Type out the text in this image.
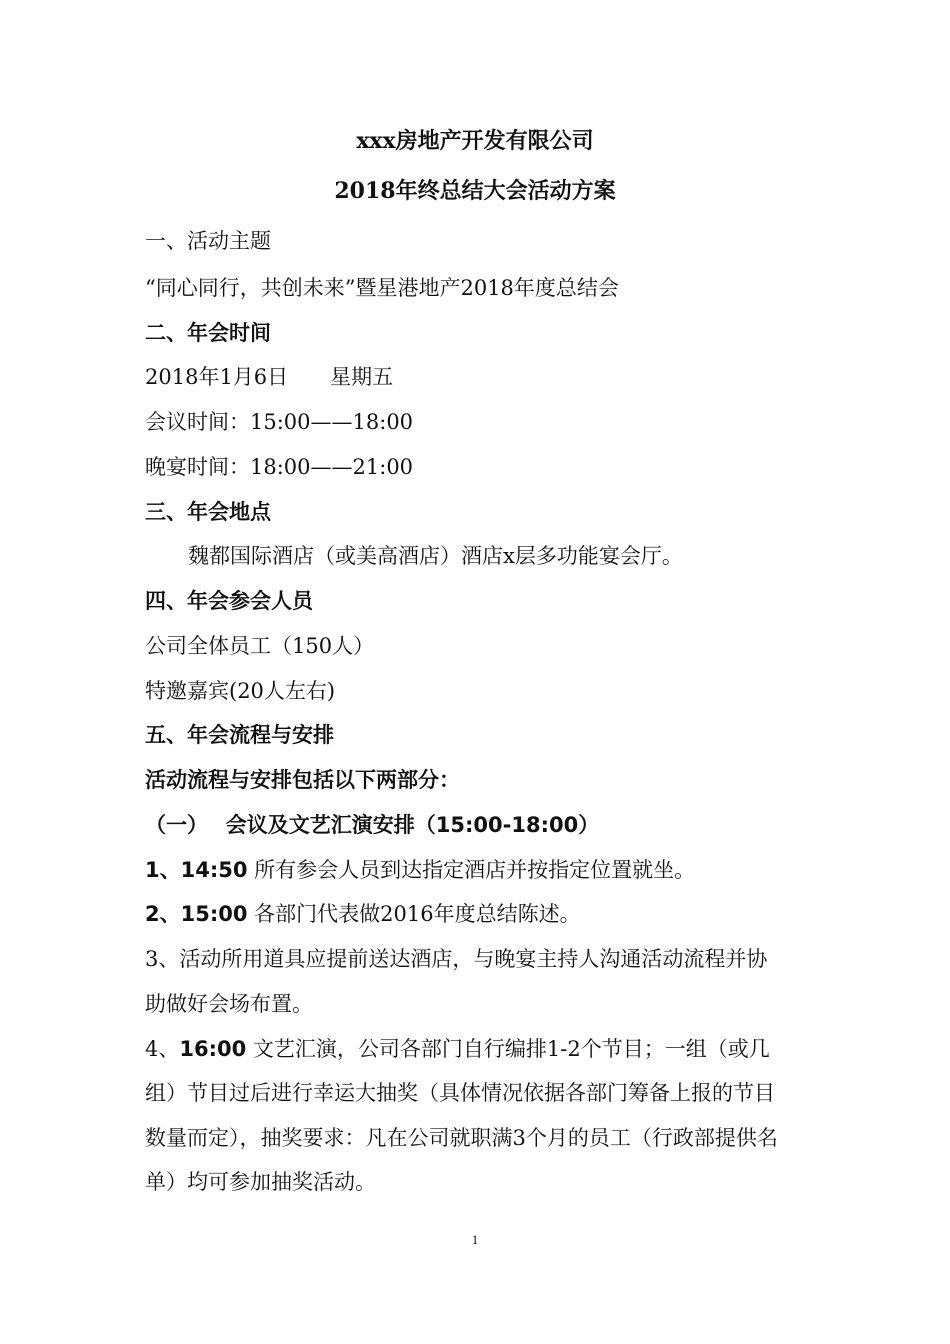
xxx房地产开发有限公司
2018年终总结大会活动方案
一、活动主题
“同心同行，共创未来”暨星港地产2018年度总结会
二、年会时间
2018年1月6日　　星期五
会议时间：15:00——18:00
晚宴时间：18:00——21:00
三、年会地点
魏都国际酒店（或美高酒店）酒店x层多功能宴会厅。
四、年会参会人员
公司全体员工（150人）
特邀嘉宾(20人左右)
五、年会流程与安排
活动流程与安排包括以下两部分：
（一）　 会议及文艺汇演安排（15:00-18:00）
1、14:50 所有参会人员到达指定酒店并按指定位置就坐。
2、15:00 各部门代表做2016年度总结陈述。
3、活动所用道具应提前送达酒店，与晚宴主持人沟通活动流程并协
助做好会场布置。
4、16:00 文艺汇演，公司各部门自行编排1-2个节目；一组（或几
组）节目过后进行幸运大抽奖（具体情况依据各部门筹备上报的节目
数量而定），抽奖要求：凡在公司就职满3个月的员工（行政部提供名
单）均可参加抽奖活动。
1
